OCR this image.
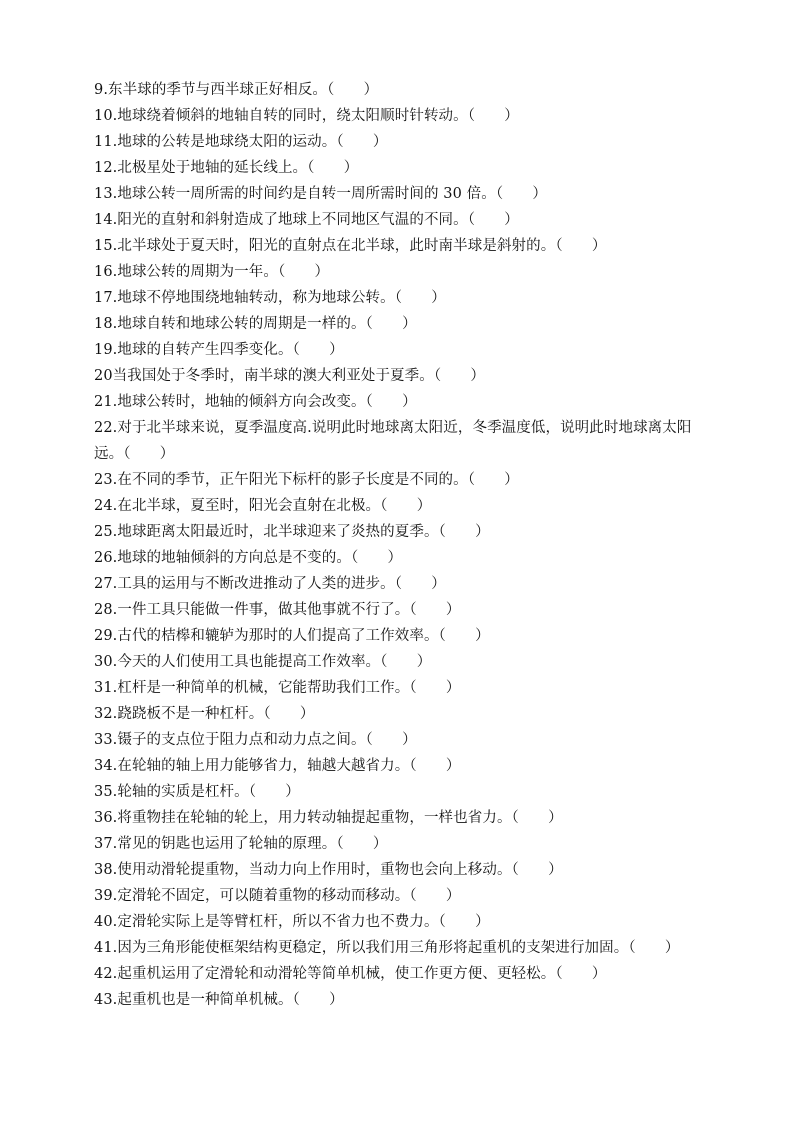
9.东半球的季节与西半球正好相反。（　　）
10.地球绕着倾斜的地轴自转的同时，绕太阳顺时针转动。（　　）
11.地球的公转是地球绕太阳的运动。（　　）
12.北极星处于地轴的延长线上。（　　）
13.地球公转一周所需的时间约是自转一周所需时间的 30 倍。（　　）
14.阳光的直射和斜射造成了地球上不同地区气温的不同。（　　）
15.北半球处于夏天时，阳光的直射点在北半球，此时南半球是斜射的。（　　）
16.地球公转的周期为一年。（　　）
17.地球不停地围绕地轴转动，称为地球公转。（　　）
18.地球自转和地球公转的周期是一样的。（　　）
19.地球的自转产生四季变化。（　　）
20当我国处于冬季时，南半球的澳大利亚处于夏季。（　　）
21.地球公转时，地轴的倾斜方向会改变。（　　）
22.对于北半球来说，夏季温度高.说明此时地球离太阳近，冬季温度低，说明此时地球离太阳远。（　　）
23.在不同的季节，正午阳光下标杆的影子长度是不同的。（　　）
24.在北半球，夏至时，阳光会直射在北极。（　　）
25.地球距离太阳最近时，北半球迎来了炎热的夏季。（　　）
26.地球的地轴倾斜的方向总是不变的。（　　）
27.工具的运用与不断改进推动了人类的进步。（　　）
28.一件工具只能做一件事，做其他事就不行了。（　　）
29.古代的桔槔和辘轳为那时的人们提高了工作效率。（　　）
30.今天的人们使用工具也能提高工作效率。（　　）
31.杠杆是一种简单的机械，它能帮助我们工作。（　　）
32.跷跷板不是一种杠杆。（　　）
33.镊子的支点位于阻力点和动力点之间。（　　）
34.在轮轴的轴上用力能够省力，轴越大越省力。（　　）
35.轮轴的实质是杠杆。（　　）
36.将重物挂在轮轴的轮上，用力转动轴提起重物，一样也省力。（　　）
37.常见的钥匙也运用了轮轴的原理。（　　）
38.使用动滑轮提重物，当动力向上作用时，重物也会向上移动。（　　）
39.定滑轮不固定，可以随着重物的移动而移动。（　　）
40.定滑轮实际上是等臂杠杆，所以不省力也不费力。（　　）
41.因为三角形能使框架结构更稳定，所以我们用三角形将起重机的支架进行加固。（　　）
42.起重机运用了定滑轮和动滑轮等简单机械，使工作更方便、更轻松。（　　）
43.起重机也是一种简单机械。（　　）
